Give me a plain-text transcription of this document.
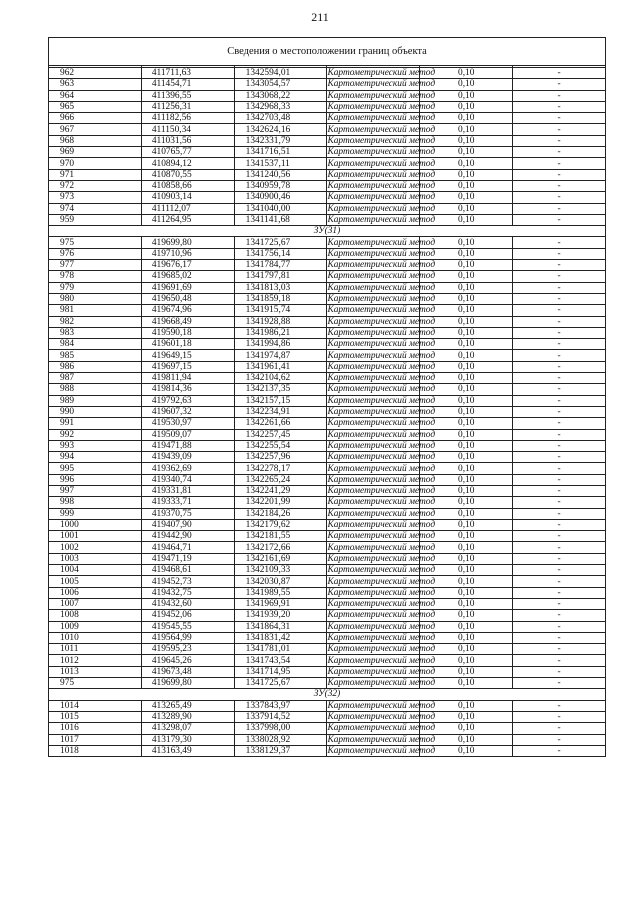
211
Сведения о местоположении границ объекта					

962	411711,63	1342594,01	Картометрический метод	0,10	-
963	411454,71	1343054,57	Картометрический метод	0,10	-
964	411396,55	1343068,22	Картометрический метод	0,10	-
965	411256,31	1342968,33	Картометрический метод	0,10	-
966	411182,56	1342703,48	Картометрический метод	0,10	-
967	411150,34	1342624,16	Картометрический метод	0,10	-
968	411031,56	1342331,79	Картометрический метод	0,10	-
969	410765,77	1341716,51	Картометрический метод	0,10	-
970	410894,12	1341537,11	Картометрический метод	0,10	-
971	410870,55	1341240,56	Картометрический метод	0,10	-
972	410858,66	1340959,78	Картометрический метод	0,10	-
973	410903,14	1340900,46	Картометрический метод	0,10	-
974	411112,07	1341040,00	Картометрический метод	0,10	-
959	411264,95	1341141,68	Картометрический метод	0,10	-
ЗУ(31)					
975	419699,80	1341725,67	Картометрический метод	0,10	-
976	419710,96	1341756,14	Картометрический метод	0,10	-
977	419676,17	1341784,77	Картометрический метод	0,10	-
978	419685,02	1341797,81	Картометрический метод	0,10	-
979	419691,69	1341813,03	Картометрический метод	0,10	-
980	419650,48	1341859,18	Картометрический метод	0,10	-
981	419674,96	1341915,74	Картометрический метод	0,10	-
982	419668,49	1341928,88	Картометрический метод	0,10	-
983	419590,18	1341986,21	Картометрический метод	0,10	-
984	419601,18	1341994,86	Картометрический метод	0,10	-
985	419649,15	1341974,87	Картометрический метод	0,10	-
986	419697,15	1341961,41	Картометрический метод	0,10	-
987	419811,94	1342104,62	Картометрический метод	0,10	-
988	419814,36	1342137,35	Картометрический метод	0,10	-
989	419792,63	1342157,15	Картометрический метод	0,10	-
990	419607,32	1342234,91	Картометрический метод	0,10	-
991	419530,97	1342261,66	Картометрический метод	0,10	-
992	419509,07	1342257,45	Картометрический метод	0,10	-
993	419471,88	1342255,54	Картометрический метод	0,10	-
994	419439,09	1342257,96	Картометрический метод	0,10	-
995	419362,69	1342278,17	Картометрический метод	0,10	-
996	419340,74	1342265,24	Картометрический метод	0,10	-
997	419331,81	1342241,29	Картометрический метод	0,10	-
998	419333,71	1342201,99	Картометрический метод	0,10	-
999	419370,75	1342184,26	Картометрический метод	0,10	-
1000	419407,90	1342179,62	Картометрический метод	0,10	-
1001	419442,90	1342181,55	Картометрический метод	0,10	-
1002	419464,71	1342172,66	Картометрический метод	0,10	-
1003	419471,19	1342161,69	Картометрический метод	0,10	-
1004	419468,61	1342109,33	Картометрический метод	0,10	-
1005	419452,73	1342030,87	Картометрический метод	0,10	-
1006	419432,75	1341989,55	Картометрический метод	0,10	-
1007	419432,60	1341969,91	Картометрический метод	0,10	-
1008	419452,06	1341939,20	Картометрический метод	0,10	-
1009	419545,55	1341864,31	Картометрический метод	0,10	-
1010	419564,99	1341831,42	Картометрический метод	0,10	-
1011	419595,23	1341781,01	Картометрический метод	0,10	-
1012	419645,26	1341743,54	Картометрический метод	0,10	-
1013	419673,48	1341714,95	Картометрический метод	0,10	-
975	419699,80	1341725,67	Картометрический метод	0,10	-
ЗУ(32)					
1014	413265,49	1337843,97	Картометрический метод	0,10	-
1015	413289,90	1337914,52	Картометрический метод	0,10	-
1016	413298,07	1337998,00	Картометрический метод	0,10	-
1017	413179,30	1338028,92	Картометрический метод	0,10	-
1018	413163,49	1338129,37	Картометрический метод	0,10	-
